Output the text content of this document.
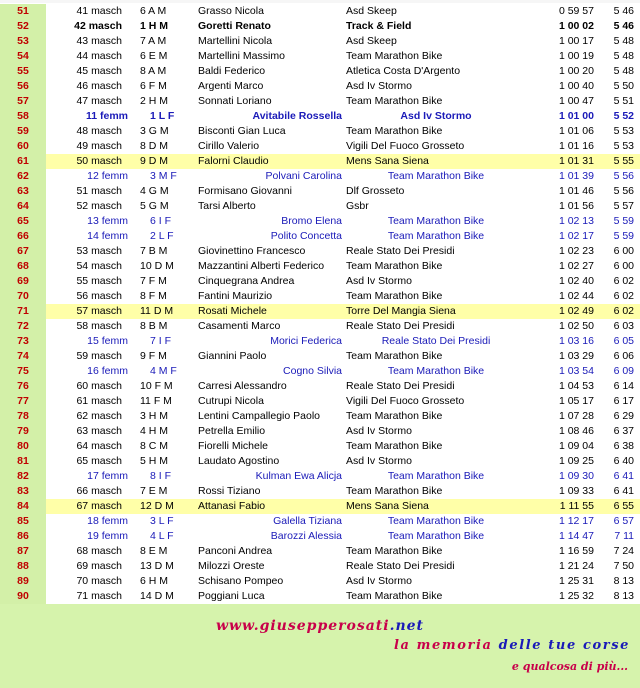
51	41 masch 6 A M	Grasso Nicola	Asd Skeep	0 59 57	5 46
52	42 masch 1 H M	Goretti Renato	Track & Field	1 00 02	5 46
53	43 masch 7 A M	Martellini Nicola	Asd Skeep	1 00 17	5 48
54	44 masch 6 E M	Martellini Massimo	Team Marathon Bike	1 00 19	5 48
55	45 masch 8 A M	Baldi Federico	Atletica Costa D'Argento	1 00 20	5 48
56	46 masch 6 F M	Argenti Marco	Asd Iv Stormo	1 00 40	5 50
57	47 masch 2 H M	Sonnati Loriano	Team Marathon Bike	1 00 47	5 51
58	11 femm 1 L F	Avitabile Rossella	Asd Iv Stormo	1 01 00	5 52
59	48 masch 3 G M	Bisconti Gian Luca	Team Marathon Bike	1 01 06	5 53
60	49 masch 8 D M	Cirillo Valerio	Vigili Del Fuoco Grosseto	1 01 16	5 53
61	50 masch 9 D M	Falorni Claudio	Mens Sana Siena	1 01 31	5 55
62	12 femm 3 M F	Polvani Carolina	Team Marathon Bike	1 01 39	5 56
63	51 masch 4 G M	Formisano Giovanni	Dlf Grosseto	1 01 46	5 56
64	52 masch 5 G M	Tarsi Alberto	Gsbr	1 01 56	5 57
65	13 femm 6 I F	Bromo Elena	Team Marathon Bike	1 02 13	5 59
66	14 femm 2 L F	Polito Concetta	Team Marathon Bike	1 02 17	5 59
67	53 masch 7 B M	Giovinettino Francesco	Reale Stato Dei Presidi	1 02 23	6 00
68	54 masch 10 D M	Mazzantini Alberti Federico	Team Marathon Bike	1 02 27	6 00
69	55 masch 7 F M	Cinquegrana Andrea	Asd Iv Stormo	1 02 40	6 02
70	56 masch 8 F M	Fantini Maurizio	Team Marathon Bike	1 02 44	6 02
71	57 masch 11 D M	Rosati Michele	Torre Del Mangia Siena	1 02 49	6 02
72	58 masch 8 B M	Casamenti Marco	Reale Stato Dei Presidi	1 02 50	6 03
73	15 femm 7 I F	Morici Federica	Reale Stato Dei Presidi	1 03 16	6 05
74	59 masch 9 F M	Giannini Paolo	Team Marathon Bike	1 03 29	6 06
75	16 femm 4 M F	Cogno Silvia	Team Marathon Bike	1 03 54	6 09
76	60 masch 10 F M	Carresi Alessandro	Reale Stato Dei Presidi	1 04 53	6 14
77	61 masch 11 F M	Cutrupi Nicola	Vigili Del Fuoco Grosseto	1 05 17	6 17
78	62 masch 3 H M	Lentini Campallegio Paolo	Team Marathon Bike	1 07 28	6 29
79	63 masch 4 H M	Petrella Emilio	Asd Iv Stormo	1 08 46	6 37
80	64 masch 8 C M	Fiorelli Michele	Team Marathon Bike	1 09 04	6 38
81	65 masch 5 H M	Laudato Agostino	Asd Iv Stormo	1 09 25	6 40
82	17 femm 8 I F	Kulman Ewa Alicja	Team Marathon Bike	1 09 30	6 41
83	66 masch 7 E M	Rossi Tiziano	Team Marathon Bike	1 09 33	6 41
84	67 masch 12 D M	Attanasi Fabio	Mens Sana Siena	1 11 55	6 55
85	18 femm 3 L F	Galella Tiziana	Team Marathon Bike	1 12 17	6 57
86	19 femm 4 L F	Barozzi Alessia	Team Marathon Bike	1 14 47	7 11
87	68 masch 8 E M	Panconi Andrea	Team Marathon Bike	1 16 59	7 24
88	69 masch 13 D M	Milozzi Oreste	Reale Stato Dei Presidi	1 21 24	7 50
89	70 masch 6 H M	Schisano Pompeo	Asd Iv Stormo	1 25 31	8 13
90	71 masch 14 D M	Poggiani Luca	Team Marathon Bike	1 25 32	8 13
www.giusepperosati.net
la memoria delle tue corse
e qualcosa di più...
